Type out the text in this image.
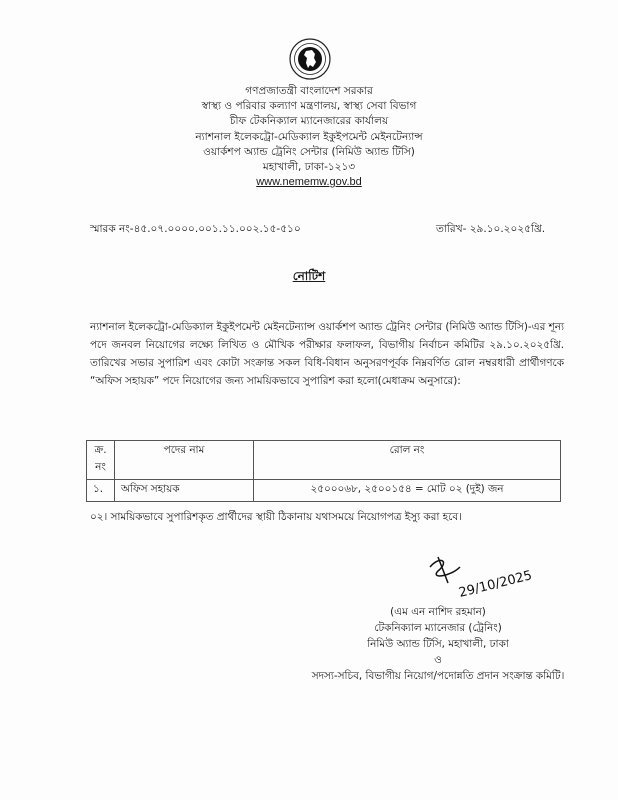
গণপ্রজাতন্ত্রী বাংলাদেশ সরকার
স্বাস্থ্য ও পরিবার কল্যাণ মন্ত্রণালয়, স্বাস্থ্য সেবা বিভাগ
চীফ টেকনিক্যাল ম্যানেজারের কার্যালয়
ন্যাশনাল ইলেকট্রো-মেডিক্যাল ইকুইপমেন্ট মেইনটেন্যান্স
ওয়ার্কশপ অ্যান্ড ট্রেনিং সেন্টার (নিমিউ অ্যান্ড টিসি)
মহাখালী, ঢাকা-১২১৩
www.nememw.gov.bd
স্মারক নং-৪৫.০৭.০০০০.০০১.১১.০০২.১৫-৫১০	তারিখ- ২৯.১০.২০২৫খ্রি.
নোটিশ
ন্যাশনাল ইলেকট্রো-মেডিক্যাল ইকুইপমেন্ট মেইনটেন্যান্স ওয়ার্কশপ অ্যান্ড ট্রেনিং সেন্টার (নিমিউ অ্যান্ড টিসি)-এর শূন্য পদে জনবল নিয়োগের লক্ষ্যে লিখিত ও মৌখিক পরীক্ষার ফলাফল, বিভাগীয় নির্বাচন কমিটির ২৯.১০.২০২৫খ্রি. তারিখের সভার সুপারিশ এবং কোটা সংক্রান্ত সকল বিধি-বিধান অনুসরণপূর্বক নিম্নবর্ণিত রোল নম্বরধারী প্রার্থীগণকে “অফিস সহায়ক” পদে নিয়োগের জন্য সাময়িকভাবে সুপারিশ করা হলো(মেধাক্রম অনুসারে):
ক্র. নং	পদের নাম	রোল নং
১.	অফিস সহায়ক	২৫০০০৬৮, ২৫০০১৫৪ = মোট ০২ (দুই) জন
০২। সাময়িকভাবে সুপারিশকৃত প্রার্থীদের স্থায়ী ঠিকানায় যথাসময়ে নিয়োগপত্র ইস্যু করা হবে।
29/10/2025
(এম এন নাশিদ রহমান)
টেকনিক্যাল ম্যানেজার (ট্রেনিং)
নিমিউ অ্যান্ড টিসি, মহাখালী, ঢাকা
ও
সদস্য-সচিব, বিভাগীয় নিয়োগ/পদোন্নতি প্রদান সংক্রান্ত কমিটি।
